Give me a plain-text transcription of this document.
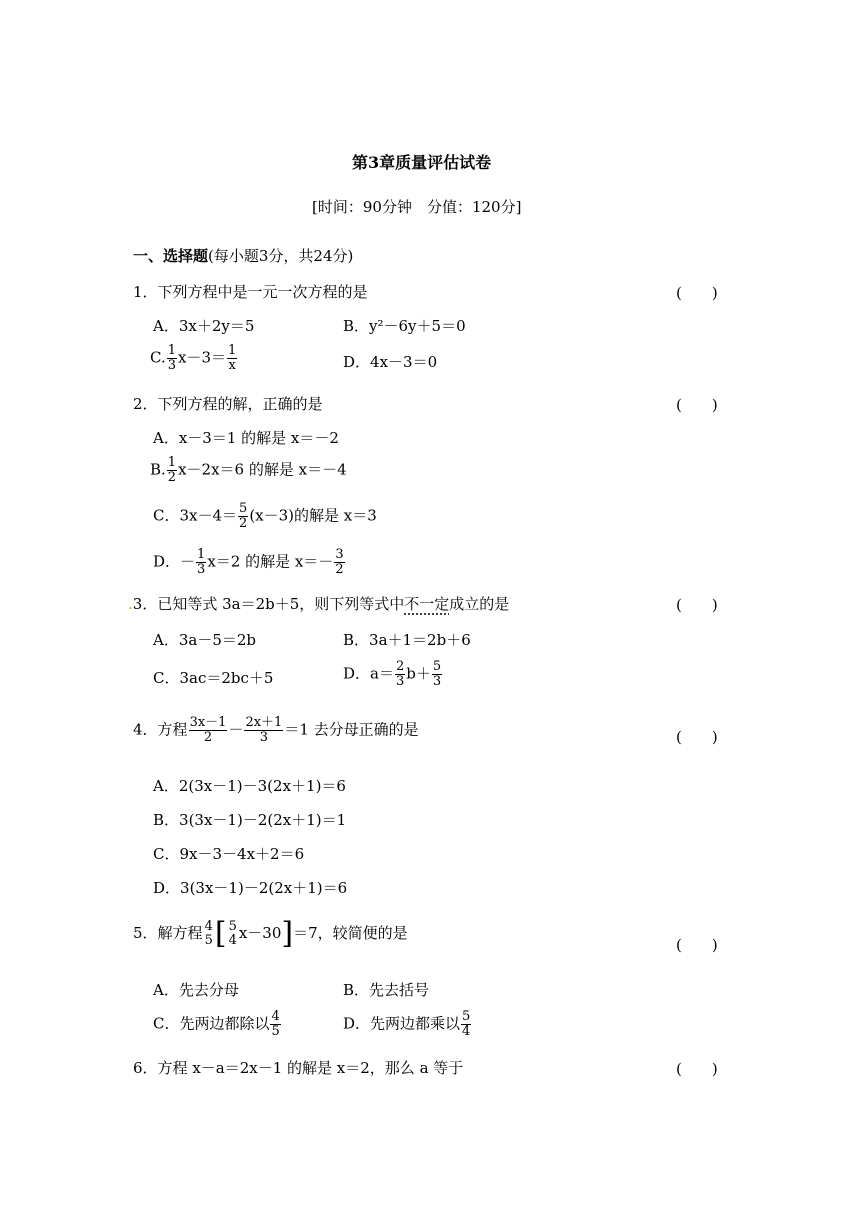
第3章质量评估试卷
[时间：90分钟　分值：120分]
一、选择题(每小题3分，共24分)
1．下列方程中是一元一次方程的是	(　　)
A．3x＋2y＝5	B．y²－6y＋5＝0
C. $\frac{1}{3} x-3= \frac{1}{x}$	D．4x－3＝0
2．下列方程的解，正确的是	(　　)
A．x－3＝1 的解是 x＝－2
B. $\frac{1}{2} x-2x=6$ 的解是 x＝－4
C．$3x-4= \frac{5}{2} (x-3)$的解是 x＝3
D．－ $\frac{1}{3} x=2$ 的解是 $x=- \frac{3}{2}$
.3．已知等式 3a＝2b＋5，则下列等式中不一定成立的是	(　　)
A．3a－5＝2b	B．3a＋1＝2b＋6
C．3ac＝2bc＋5	D．$a= \frac{2}{3} b+ \frac{5}{3}$
4．方程 $\frac{3x-1}{2} - \frac{2x+1}{3} =1$ 去分母正确的是	(　　)
A．2(3x－1)－3(2x＋1)＝6
B．3(3x－1)－2(2x＋1)＝1
C．9x－3－4x＋2＝6
D．3(3x－1)－2(2x＋1)＝6
5．解方程 4
5 [ 5
4 x－30]＝7，较简便的是
(　　)
A．先去分母	B．先去括号
C．先两边都除以 $\frac{4}{5}$	D．先两边都乘以 $\frac{5}{4}$
6．方程 x－a＝2x－1 的解是 x＝2，那么 a 等于	(　　)
